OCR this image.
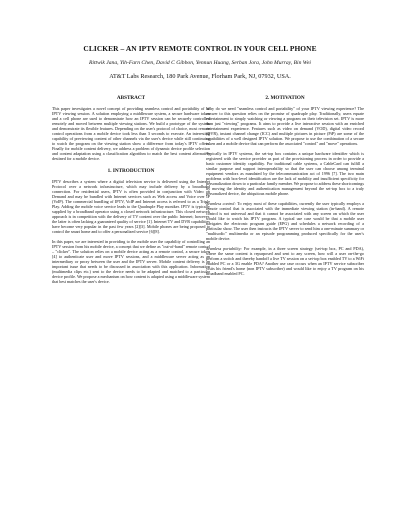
CLICKER – AN IPTV REMOTE CONTROL IN YOUR CELL PHONE
Rittwik Jana, Yih-Farn Chen, David C Gibbon, Yennun Huang, Serban Jora, John Murray, Bin Wei
AT&T Labs Research, 180 Park Avenue, Florham Park, NJ, 07932, USA.
ABSTRACT

This paper investigates a novel concept of providing seamless control and portability of an IPTV viewing session. A solution employing a middleware system, a secure hardware token and a cell phone are used to demonstrate how an IPTV session can be securely controlled remotely and moved between multiple viewing stations. We build a prototype of the system and demonstrate its flexible features. Depending on the user's protocol of choice, most remote control operations from a mobile device took less than 3 seconds to execute. An interesting capability of previewing content of other channels via the user's device while still continuing to watch the program on the viewing station show a difference from today's IPTV offers. Finally for mobile content delivery, we address a problem of dynamic device profile selection and content adaptation using a classification algorithm to match the best content alternative destined for a mobile device.

1. INTRODUCTION

IPTV describes a system where a digital television service is delivered using the Internet Protocol over a network infrastructure, which may include delivery by a broadband connection. For residential users, IPTV is often provided in conjunction with Video on Demand and may be bundled with Internet services such as Web access and Voice over IP (VoIP). The commercial bundling of IPTV, VoIP and Internet access is referred to as a Triple Play. Adding the mobile voice service leads to the Quadruple Play moniker. IPTV is typically supplied by a broadband operator using a closed network infrastructure. This closed network approach is in competition with the delivery of TV content over the public Internet; however, the latter is often lacking a guaranteed quality of service [1]. Internet TV and DVR capabilities have become very popular in the past few years [2][3]. Mobile phones are being proposed to control the smart home and to offer a personalized service [6][8].

In this paper, we are interested in providing to the mobile user the capability of controlling an IPTV session from his mobile device, a concept that we define as "out-of-band" remote control – "clicker". The solution relies on a mobile device acting as a remote control, a secure token [4] to authenticate user and move IPTV sessions, and a middleware server acting as an intermediary or proxy between the user and the IPTV server. Mobile content delivery is an important issue that needs to be discussed in association with this application. Information (multimedia clips etc.) sent to the device needs to be adapted and matched to a particular device profile. We propose a mechanism on how content is adapted using a middleware system that best matches the user's device.

2. MOTIVATION

Why do we need "seamless control and portability" of your IPTV viewing experience? The answer to this question relies on the promise of quadruple play. Traditionally, users equate entertainment to simply watching or viewing a program on their television set. IPTV is more than just "viewing" programs. It aims to provide a live interactive session with an enriched entertainment experience. Features such as video on demand (VOD), digital video record (DVR), instant channel change (ICC) and multiple pictures in picture (PiP) are some of the capabilities of a well designed IPTV solution. We propose to use the combination of a secure token and a mobile device that can perform the associated "control" and "move" operations.

Typically in IPTV systems, the set-top box contains a unique hardware identifier which is registered with the service provider as part of the provisioning process in order to provide a basic customer identity capability. For traditional cable systems, a CableCard can fulfill a similar purpose and support interoperability so that the user can choose among terminal equipment vendors as mandated by the telecommunication act of 1996 [7]. The two main problems with box-level identification are the lack of mobility and insufficient specificity for personalization down to a particular family member. We propose to address these shortcomings by moving the identity and authentication management beyond the set-top box to a truly personalized device, the ubiquitous mobile phone.

Seamless control: To enjoy most of these capabilities, currently the user typically employs a remote control that is associated with the immediate viewing station (in-band). A remote control is not universal and that it cannot be associated with any screen on which the user would like to watch his IPTV program. A typical use case would be that a mobile user navigates the electronic program guide (EPG) and schedules a network recording of a particular show. The user then instructs the IPTV server to send him a one-minute summary or "multisodic" multimedia or an episode programming produced specifically for the user's mobile device.

Seamless portability: For example, in a three screen strategy (set-top box, PC and PDA), where the same content is repurposed and sent to any screen, how will a user on-the-go perform a switch and thereby handoff a live TV session on a set-top box enabled TV to a WiFi enabled PC or a 3G enable PDA? Another use case occurs when an IPTV service subscriber visits his friend's home (non IPTV subscriber) and would like to enjoy a TV program on his broadband enabled PC.
